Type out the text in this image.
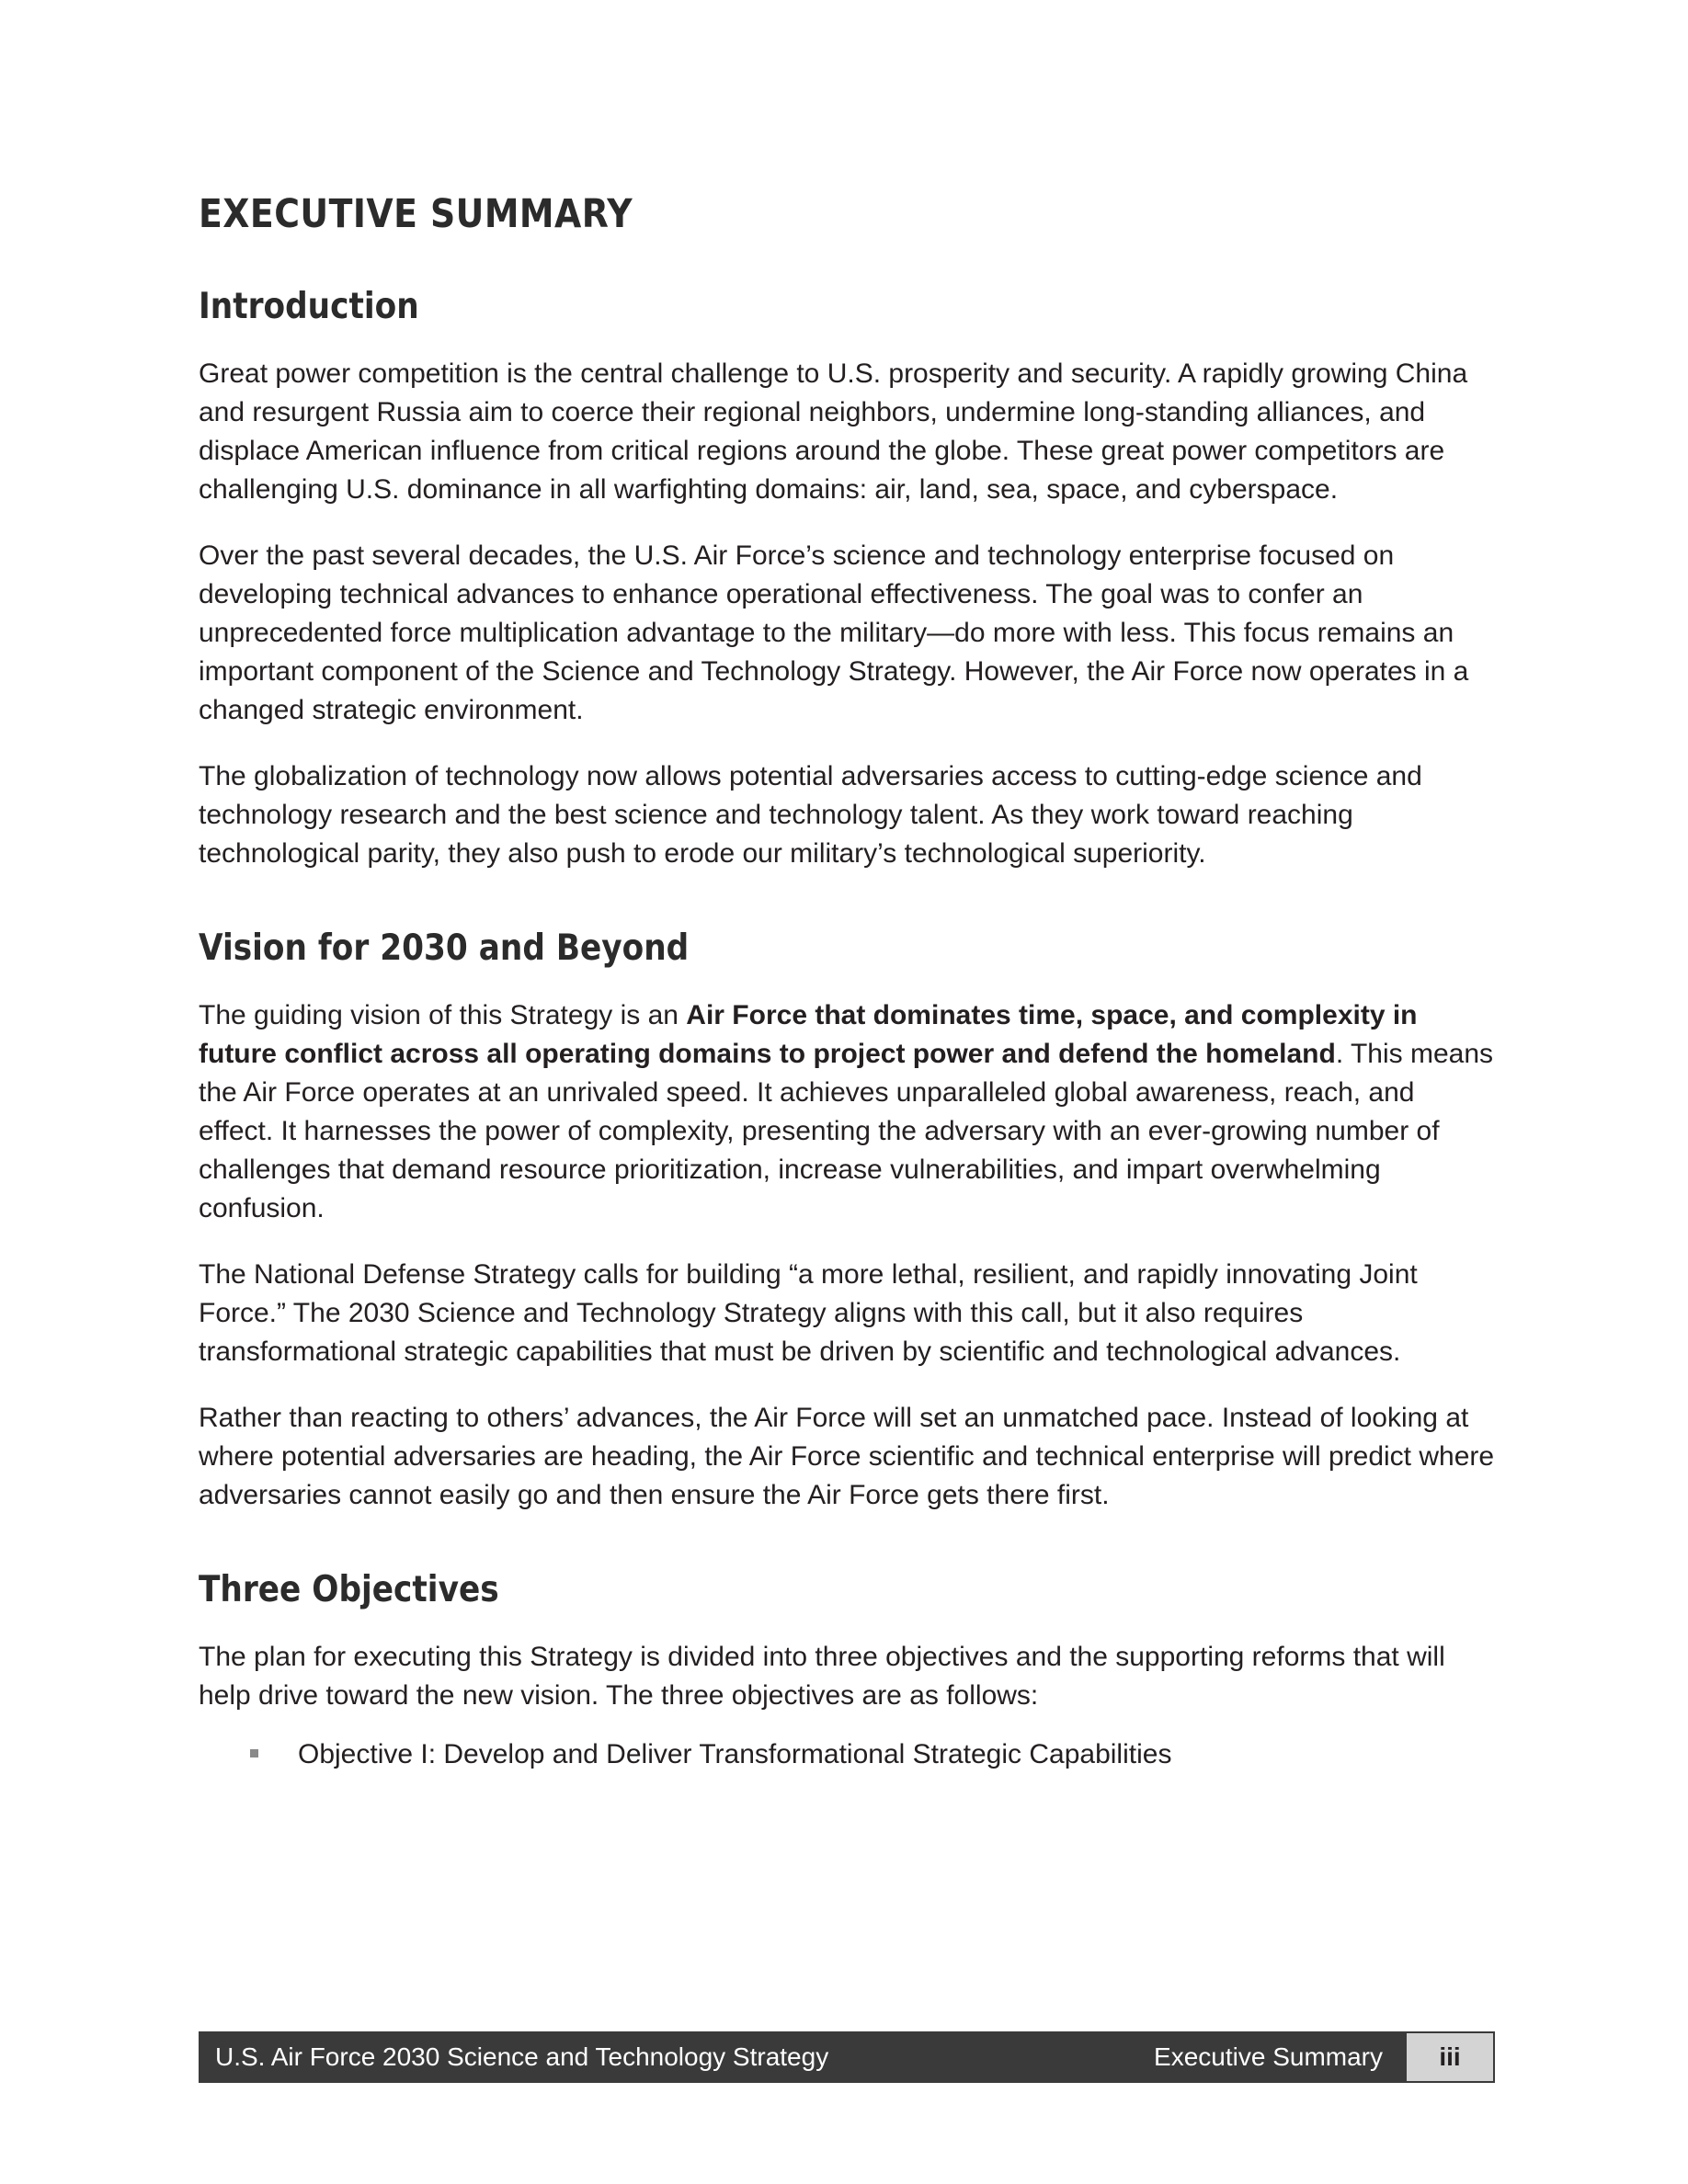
EXECUTIVE SUMMARY
Introduction

Great power competition is the central challenge to U.S. prosperity and security. A rapidly growing China and resurgent Russia aim to coerce their regional neighbors, undermine long-standing alliances, and displace American influence from critical regions around the globe. These great power competitors are challenging U.S. dominance in all warfighting domains: air, land, sea, space, and cyberspace.

Over the past several decades, the U.S. Air Force’s science and technology enterprise focused on developing technical advances to enhance operational effectiveness. The goal was to confer an unprecedented force multiplication advantage to the military—do more with less. This focus remains an important component of the Science and Technology Strategy. However, the Air Force now operates in a changed strategic environment.

The globalization of technology now allows potential adversaries access to cutting-edge science and technology research and the best science and technology talent. As they work toward reaching technological parity, they also push to erode our military’s technological superiority.

Vision for 2030 and Beyond

The guiding vision of this Strategy is an Air Force that dominates time, space, and complexity in future conflict across all operating domains to project power and defend the homeland. This means the Air Force operates at an unrivaled speed. It achieves unparalleled global awareness, reach, and effect. It harnesses the power of complexity, presenting the adversary with an ever-growing number of challenges that demand resource prioritization, increase vulnerabilities, and impart overwhelming confusion.

The National Defense Strategy calls for building “a more lethal, resilient, and rapidly innovating Joint Force.” The 2030 Science and Technology Strategy aligns with this call, but it also requires transformational strategic capabilities that must be driven by scientific and technological advances.

Rather than reacting to others’ advances, the Air Force will set an unmatched pace. Instead of looking at where potential adversaries are heading, the Air Force scientific and technical enterprise will predict where adversaries cannot easily go and then ensure the Air Force gets there first.

Three Objectives

The plan for executing this Strategy is divided into three objectives and the supporting reforms that will help drive toward the new vision. The three objectives are as follows:

Objective I: Develop and Deliver Transformational Strategic Capabilities
U.S. Air Force 2030 Science and Technology Strategy	Executive Summary	iii
